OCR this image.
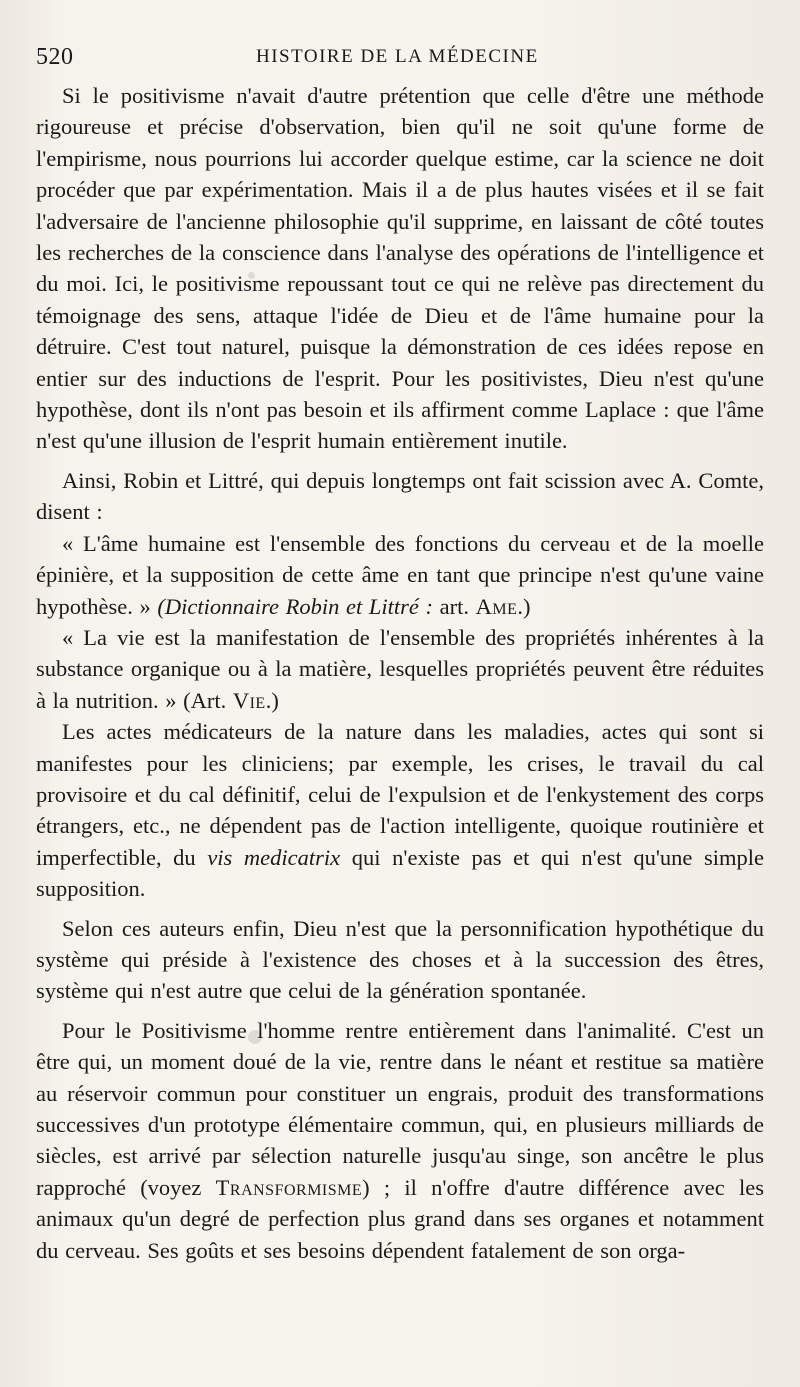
520	HISTOIRE DE LA MÉDECINE

Si le positivisme n'avait d'autre prétention que celle d'être une méthode rigoureuse et précise d'observation, bien qu'il ne soit qu'une forme de l'empirisme, nous pourrions lui accorder quelque estime, car la science ne doit procéder que par expérimentation. Mais il a de plus hautes visées et il se fait l'adversaire de l'ancienne philosophie qu'il supprime, en laissant de côté toutes les recherches de la conscience dans l'analyse des opérations de l'intelligence et du moi. Ici, le positivisme repoussant tout ce qui ne relève pas directement du témoignage des sens, attaque l'idée de Dieu et de l'âme humaine pour la détruire. C'est tout naturel, puisque la démonstration de ces idées repose en entier sur des inductions de l'esprit. Pour les positivistes, Dieu n'est qu'une hypothèse, dont ils n'ont pas besoin et ils affirment comme Laplace : que l'âme n'est qu'une illusion de l'esprit humain entièrement inutile.

Ainsi, Robin et Littré, qui depuis longtemps ont fait scission avec A. Comte, disent :

« L'âme humaine est l'ensemble des fonctions du cerveau et de la moelle épinière, et la supposition de cette âme en tant que principe n'est qu'une vaine hypothèse. » (Dictionnaire Robin et Littré : art. Ame.)

« La vie est la manifestation de l'ensemble des propriétés inhérentes à la substance organique ou à la matière, lesquelles propriétés peuvent être réduites à la nutrition. » (Art. Vie.)

Les actes médicateurs de la nature dans les maladies, actes qui sont si manifestes pour les cliniciens; par exemple, les crises, le travail du cal provisoire et du cal définitif, celui de l'expulsion et de l'enkystement des corps étrangers, etc., ne dépendent pas de l'action intelligente, quoique routinière et imperfectible, du vis medicatrix qui n'existe pas et qui n'est qu'une simple supposition.

Selon ces auteurs enfin, Dieu n'est que la personnification hypothétique du système qui préside à l'existence des choses et à la succession des êtres, système qui n'est autre que celui de la génération spontanée.

Pour le Positivisme l'homme rentre entièrement dans l'animalité. C'est un être qui, un moment doué de la vie, rentre dans le néant et restitue sa matière au réservoir commun pour constituer un engrais, produit des transformations successives d'un prototype élémentaire commun, qui, en plusieurs milliards de siècles, est arrivé par sélection naturelle jusqu'au singe, son ancêtre le plus rapproché (voyez Transformisme) ; il n'offre d'autre différence avec les animaux qu'un degré de perfection plus grand dans ses organes et notamment du cerveau. Ses goûts et ses besoins dépendent fatalement de son orga-
